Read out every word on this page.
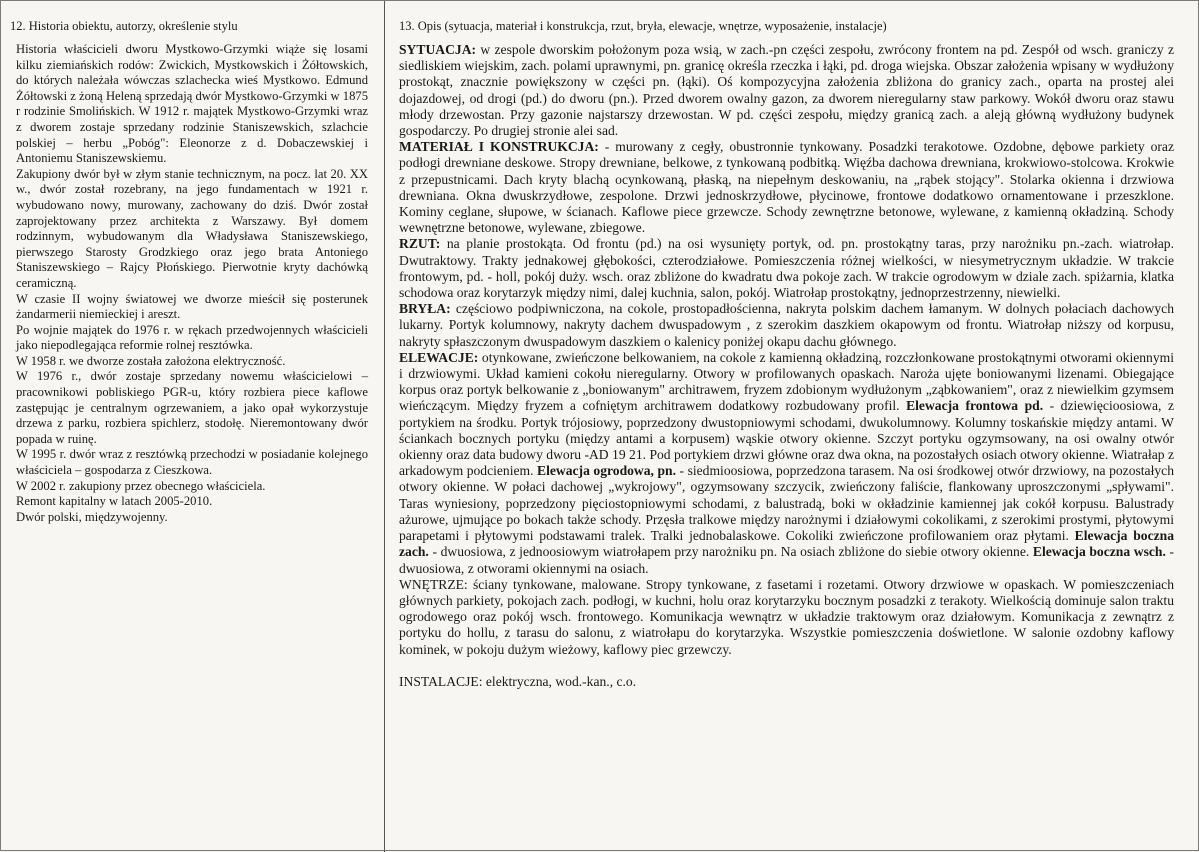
12. Historia obiektu, autorzy, określenie stylu

Historia właścicieli dworu Mystkowo-Grzymki wiąże się losami kilku ziemiańskich rodów: Zwickich, Mystkowskich i Żółtowskich, do których należała wówczas szlachecka wieś Mystkowo. Edmund Żółtowski z żoną Heleną sprzedają dwór Mystkowo-Grzymki w 1875 r rodzinie Smolińskich. W 1912 r. majątek Mystkowo-Grzymki wraz z dworem zostaje sprzedany rodzinie Staniszewskich, szlachcie polskiej – herbu „Pobóg": Eleonorze z d. Dobaczewskiej i Antoniemu Staniszewskiemu.

Zakupiony dwór był w złym stanie technicznym, na pocz. lat 20. XX w., dwór został rozebrany, na jego fundamentach w 1921 r. wybudowano nowy, murowany, zachowany do dziś. Dwór został zaprojektowany przez architekta z Warszawy. Był domem rodzinnym, wybudowanym dla Władysława Staniszewskiego, pierwszego Starosty Grodzkiego oraz jego brata Antoniego Staniszewskiego – Rajcy Płońskiego. Pierwotnie kryty dachówką ceramiczną.

W czasie II wojny światowej we dworze mieścił się posterunek żandarmerii niemieckiej i areszt.

Po wojnie majątek do 1976 r. w rękach przedwojennych właścicieli jako niepodlegająca reformie rolnej resztówka.

W 1958 r. we dworze została założona elektryczność.

W 1976 r., dwór zostaje sprzedany nowemu właścicielowi – pracownikowi pobliskiego PGR-u, który rozbiera piece kaflowe zastępując je centralnym ogrzewaniem, a jako opał wykorzystuje drzewa z parku, rozbiera spichlerz, stodołę. Nieremontowany dwór popada w ruinę.

W 1995 r. dwór wraz z resztówką przechodzi w posiadanie kolejnego właściciela – gospodarza z Cieszkowa.

W 2002 r. zakupiony przez obecnego właściciela.

Remont kapitalny w latach 2005-2010.

Dwór polski, międzywojenny.

13. Opis (sytuacja, materiał i konstrukcja, rzut, bryła, elewacje, wnętrze, wyposażenie, instalacje)

SYTUACJA: w zespole dworskim położonym poza wsią, w zach.-pn części zespołu, zwrócony frontem na pd. Zespół od wsch. graniczy z siedliskiem wiejskim, zach. polami uprawnymi, pn. granicę określa rzeczka i łąki, pd. droga wiejska. Obszar założenia wpisany w wydłużony prostokąt, znacznie powiększony w części pn. (łąki). Oś kompozycyjna założenia zbliżona do granicy zach., oparta na prostej alei dojazdowej, od drogi (pd.) do dworu (pn.). Przed dworem owalny gazon, za dworem nieregularny staw parkowy. Wokół dworu oraz stawu młody drzewostan. Przy gazonie najstarszy drzewostan. W pd. części zespołu, między granicą zach. a aleją główną wydłużony budynek gospodarczy. Po drugiej stronie alei sad.

MATERIAŁ I KONSTRUKCJA: - murowany z cegły, obustronnie tynkowany. Posadzki terakotowe. Ozdobne, dębowe parkiety oraz podłogi drewniane deskowe. Stropy drewniane, belkowe, z tynkowaną podbitką. Więźba dachowa drewniana, krokwiowo-stolcowa. Krokwie z przepustnicami. Dach kryty blachą ocynkowaną, płaską, na niepełnym deskowaniu, na „rąbek stojący". Stolarka okienna i drzwiowa drewniana. Okna dwuskrzydłowe, zespolone. Drzwi jednoskrzydłowe, płycinowe, frontowe dodatkowo ornamentowane i przeszklone. Kominy ceglane, słupowe, w ścianach. Kaflowe piece grzewcze. Schody zewnętrzne betonowe, wylewane, z kamienną okładziną. Schody wewnętrzne betonowe, wylewane, zbiegowe.

RZUT: na planie prostokąta. Od frontu (pd.) na osi wysunięty portyk, od. pn. prostokątny taras, przy narożniku pn.-zach. wiatrołap. Dwutraktowy. Trakty jednakowej głębokości, czterodziałowe. Pomieszczenia różnej wielkości, w niesymetrycznym układzie. W trakcie frontowym, pd. - holl, pokój duży. wsch. oraz zbliżone do kwadratu dwa pokoje zach. W trakcie ogrodowym w dziale zach. spiżarnia, klatka schodowa oraz korytarzyk między nimi, dalej kuchnia, salon, pokój. Wiatrołap prostokątny, jednoprzestrzenny, niewielki.

BRYŁA: częściowo podpiwniczona, na cokole, prostopadłościenna, nakryta polskim dachem łamanym. W dolnych połaciach dachowych lukarny. Portyk kolumnowy, nakryty dachem dwuspadowym , z szerokim daszkiem okapowym od frontu. Wiatrołap niższy od korpusu, nakryty spłaszczonym dwuspadowym daszkiem o kalenicy poniżej okapu dachu głównego.

ELEWACJE: otynkowane, zwieńczone belkowaniem, na cokole z kamienną okładziną, rozczłonkowane prostokątnymi otworami okiennymi i drzwiowymi. Układ kamieni cokołu nieregularny. Otwory w profilowanych opaskach. Naroża ujęte boniowanymi lizenami. Obiegające korpus oraz portyk belkowanie z „boniowanym" architrawem, fryzem zdobionym wydłużonym „ząbkowaniem", oraz z niewielkim gzymsem wieńczącym. Między fryzem a cofniętym architrawem dodatkowy rozbudowany profil. Elewacja frontowa pd. - dziewięcioosiowa, z portykiem na środku. Portyk trójosiowy, poprzedzony dwustopniowymi schodami, dwukolumnowy. Kolumny toskańskie między antami. W ściankach bocznych portyku (między antami a korpusem) wąskie otwory okienne. Szczyt portyku ogzymsowany, na osi owalny otwór okienny oraz data budowy dworu -AD 19 21. Pod portykiem drzwi główne oraz dwa okna, na pozostałych osiach otwory okienne. Wiatrałap z arkadowym podcieniem. Elewacja ogrodowa, pn. - siedmioosiowa, poprzedzona tarasem. Na osi środkowej otwór drzwiowy, na pozostałych otwory okienne. W połaci dachowej „wykrojowy", ogzymsowany szczycik, zwieńczony faliście, flankowany uproszczonymi „spływami". Taras wyniesiony, poprzedzony pięciostopniowymi schodami, z balustradą, boki w okładzinie kamiennej jak cokół korpusu. Balustrady ażurowe, ujmujące po bokach także schody. Przęsła tralkowe między narożnymi i działowymi cokolikami, z szerokimi prostymi, płytowymi parapetami i płytowymi podstawami tralek. Tralki jednobalaskowe. Cokoliki zwieńczone profilowaniem oraz płytami. Elewacja boczna zach. - dwuosiowa, z jednoosiowym wiatrołapem przy narożniku pn. Na osiach zbliżone do siebie otwory okienne. Elewacja boczna wsch. - dwuosiowa, z otworami okiennymi na osiach.

WNĘTRZE: ściany tynkowane, malowane. Stropy tynkowane, z fasetami i rozetami. Otwory drzwiowe w opaskach. W pomieszczeniach głównych parkiety, pokojach zach. podłogi, w kuchni, holu oraz korytarzyku bocznym posadzki z terakoty. Wielkością dominuje salon traktu ogrodowego oraz pokój wsch. frontowego. Komunikacja wewnątrz w układzie traktowym oraz działowym. Komunikacja z zewnątrz z portyku do hollu, z tarasu do salonu, z wiatrołapu do korytarzyka. Wszystkie pomieszczenia doświetlone. W salonie ozdobny kaflowy kominek, w pokoju dużym wieżowy, kaflowy piec grzewczy.

INSTALACJE: elektryczna, wod.-kan., c.o.
